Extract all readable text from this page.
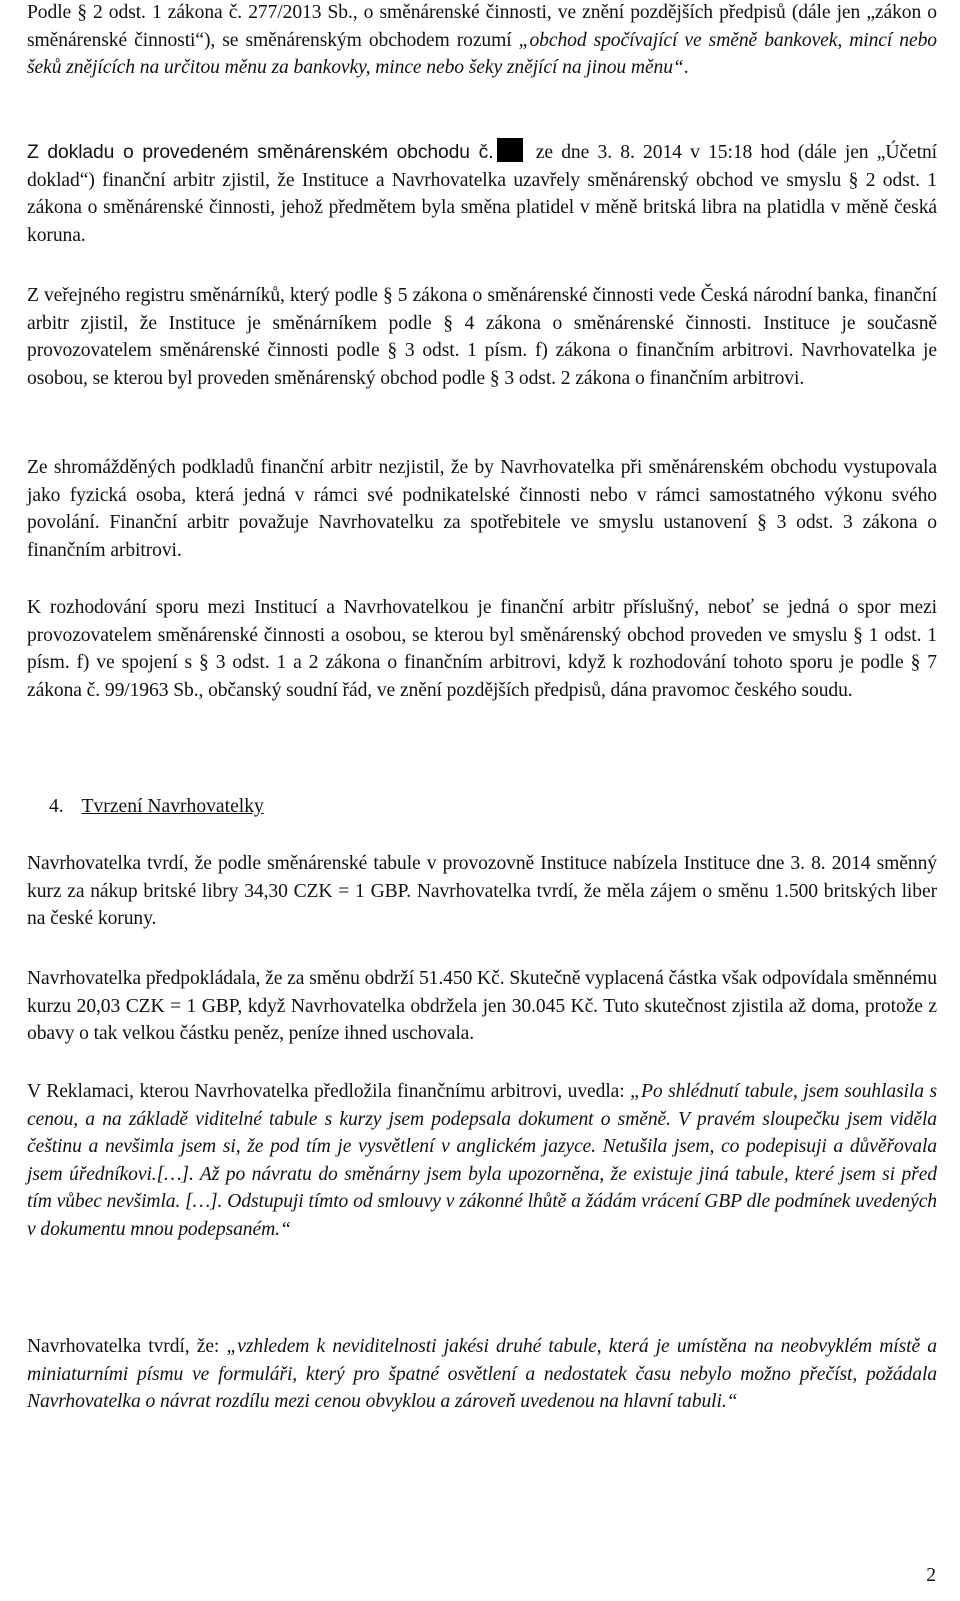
Podle § 2 odst. 1 zákona č. 277/2013 Sb., o směnárenské činnosti, ve znění pozdějších předpisů (dále jen „zákon o směnárenské činnosti“), se směnárenským obchodem rozumí „obchod spočívající ve směně bankovek, mincí nebo šeků znějících na určitou měnu za bankovky, mince nebo šeky znějící na jinou měnu“.

Z dokladu o provedeném směnárenském obchodu č. ze dne 3. 8. 2014 v 15:18 hod (dále jen „Účetní doklad“) finanční arbitr zjistil, že Instituce a Navrhovatelka uzavřely směnárenský obchod ve smyslu § 2 odst. 1 zákona o směnárenské činnosti, jehož předmětem byla směna platidel v měně britská libra na platidla v měně česká koruna.

Z veřejného registru směnárníků, který podle § 5 zákona o směnárenské činnosti vede Česká národní banka, finanční arbitr zjistil, že Instituce je směnárníkem podle § 4 zákona o směnárenské činnosti. Instituce je současně provozovatelem směnárenské činnosti podle § 3 odst. 1 písm. f) zákona o finančním arbitrovi. Navrhovatelka je osobou, se kterou byl proveden směnárenský obchod podle § 3 odst. 2 zákona o finančním arbitrovi.

Ze shromážděných podkladů finanční arbitr nezjistil, že by Navrhovatelka při směnárenském obchodu vystupovala jako fyzická osoba, která jedná v rámci své podnikatelské činnosti nebo v rámci samostatného výkonu svého povolání. Finanční arbitr považuje Navrhovatelku za spotřebitele ve smyslu ustanovení § 3 odst. 3 zákona o finančním arbitrovi.

K rozhodování sporu mezi Institucí a Navrhovatelkou je finanční arbitr příslušný, neboť se jedná o spor mezi provozovatelem směnárenské činnosti a osobou, se kterou byl směnárenský obchod proveden ve smyslu § 1 odst. 1 písm. f) ve spojení s § 3 odst. 1 a 2 zákona o finančním arbitrovi, když k rozhodování tohoto sporu je podle § 7 zákona č. 99/1963 Sb., občanský soudní řád, ve znění pozdějších předpisů, dána pravomoc českého soudu.

4. Tvrzení Navrhovatelky

Navrhovatelka tvrdí, že podle směnárenské tabule v provozovně Instituce nabízela Instituce dne 3. 8. 2014 směnný kurz za nákup britské libry 34,30 CZK = 1 GBP. Navrhovatelka tvrdí, že měla zájem o směnu 1.500 britských liber na české koruny.

Navrhovatelka předpokládala, že za směnu obdrží 51.450 Kč. Skutečně vyplacená částka však odpovídala směnnému kurzu 20,03 CZK = 1 GBP, když Navrhovatelka obdržela jen 30.045 Kč. Tuto skutečnost zjistila až doma, protože z obavy o tak velkou částku peněz, peníze ihned uschovala.

V Reklamaci, kterou Navrhovatelka předložila finančnímu arbitrovi, uvedla: „Po shlédnutí tabule, jsem souhlasila s cenou, a na základě viditelné tabule s kurzy jsem podepsala dokument o směně. V pravém sloupečku jsem viděla češtinu a nevšimla jsem si, že pod tím je vysvětlení v anglickém jazyce. Netušila jsem, co podepisuji a důvěřovala jsem úředníkovi.[…]. Až po návratu do směnárny jsem byla upozorněna, že existuje jiná tabule, které jsem si před tím vůbec nevšimla. […]. Odstupuji tímto od smlouvy v zákonné lhůtě a žádám vrácení GBP dle podmínek uvedených v dokumentu mnou podepsaném.“

Navrhovatelka tvrdí, že: „vzhledem k neviditelnosti jakési druhé tabule, která je umístěna na neobvyklém místě a miniaturními písmu ve formuláři, který pro špatné osvětlení a nedostatek času nebylo možno přečíst, požádala Navrhovatelka o návrat rozdílu mezi cenou obvyklou a zároveň uvedenou na hlavní tabuli.“

2
